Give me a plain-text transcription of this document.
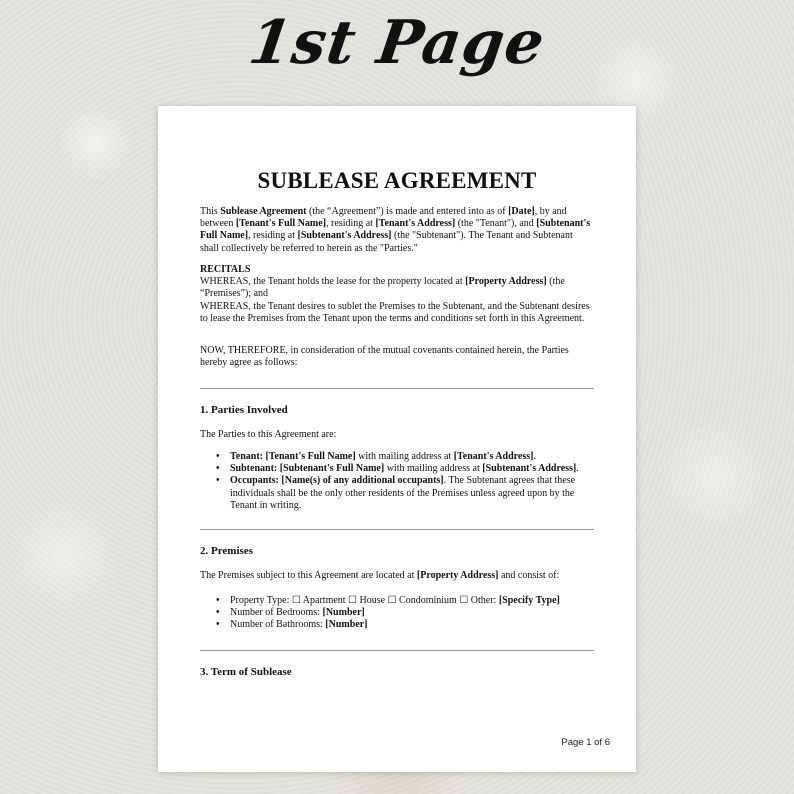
1st Page
SUBLEASE AGREEMENT

This Sublease Agreement (the “Agreement”) is made and entered into as of [Date], by and between [Tenant's Full Name], residing at [Tenant's Address] (the "Tenant"), and [Subtenant's Full Name], residing at [Subtenant's Address] (the "Subtenant"). The Tenant and Subtenant shall collectively be referred to herein as the "Parties."

RECITALS

WHEREAS, the Tenant holds the lease for the property located at [Property Address] (the “Premises”); and

WHEREAS, the Tenant desires to sublet the Premises to the Subtenant, and the Subtenant desires to lease the Premises from the Tenant upon the terms and conditions set forth in this Agreement.

NOW, THEREFORE, in consideration of the mutual covenants contained herein, the Parties hereby agree as follows:

1. Parties Involved

The Parties to this Agreement are:

• Tenant: [Tenant's Full Name] with mailing address at [Tenant's Address].
• Subtenant: [Subtenant's Full Name] with mailing address at [Subtenant's Address].
• Occupants: [Name(s) of any additional occupants]. The Subtenant agrees that these individuals shall be the only other residents of the Premises unless agreed upon by the Tenant in writing.
2. Premises

The Premises subject to this Agreement are located at [Property Address] and consist of:

• Property Type: ☐ Apartment ☐ House ☐ Condominium ☐ Other: [Specify Type]
• Number of Bedrooms: [Number]
• Number of Bathrooms: [Number]
3. Term of Sublease
Page 1 of 6
